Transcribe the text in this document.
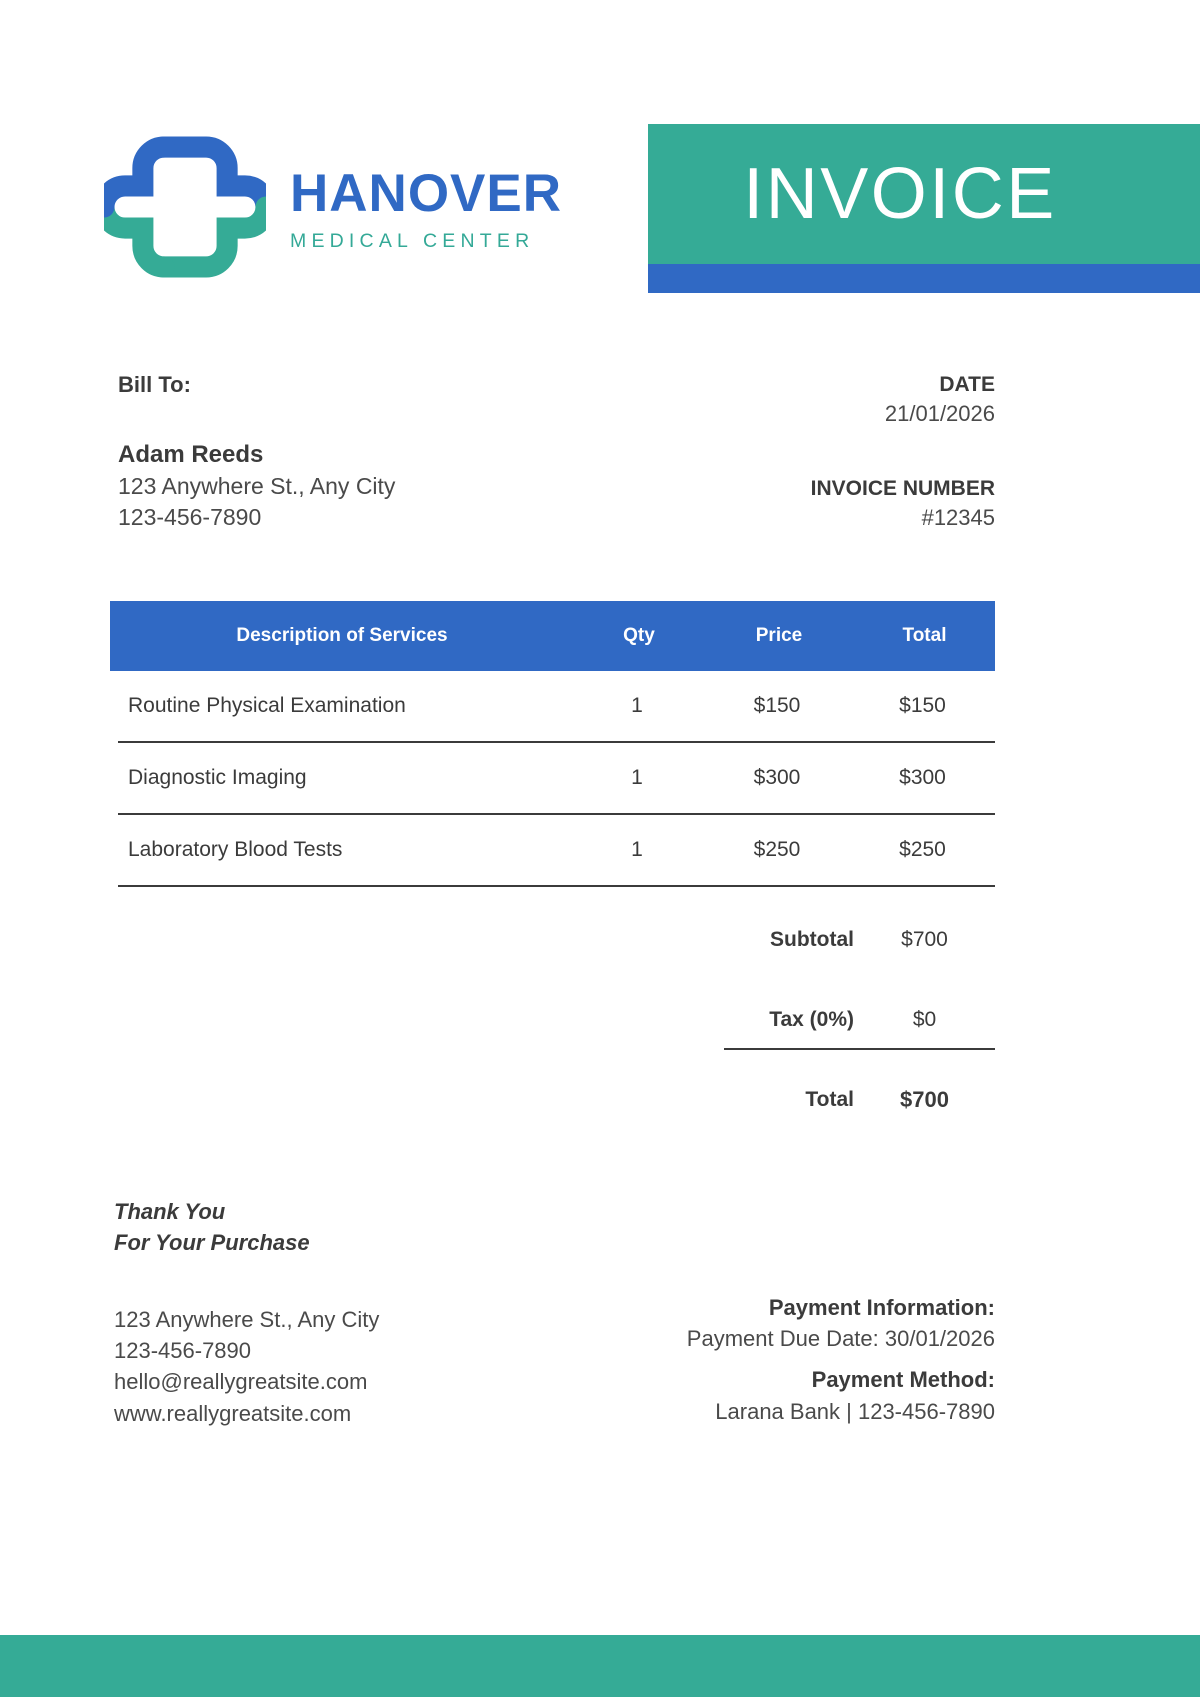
HANOVER
MEDICAL CENTER
INVOICE
Bill To:
Adam Reeds
123 Anywhere St., Any City
123-456-7890
DATE
21/01/2026
INVOICE NUMBER
#12345
Description of Services	Qty	Price	Total
Routine Physical Examination	1	$150	$150
Diagnostic Imaging	1	$300	$300
Laboratory Blood Tests	1	$250	$250
Subtotal	$700
Tax (0%)	$0
Total	$700
Thank You
For Your Purchase
123 Anywhere St., Any City
123-456-7890
hello@reallygreatsite.com
www.reallygreatsite.com
Payment Information:
Payment Due Date: 30/01/2026
Payment Method:
Larana Bank | 123-456-7890
